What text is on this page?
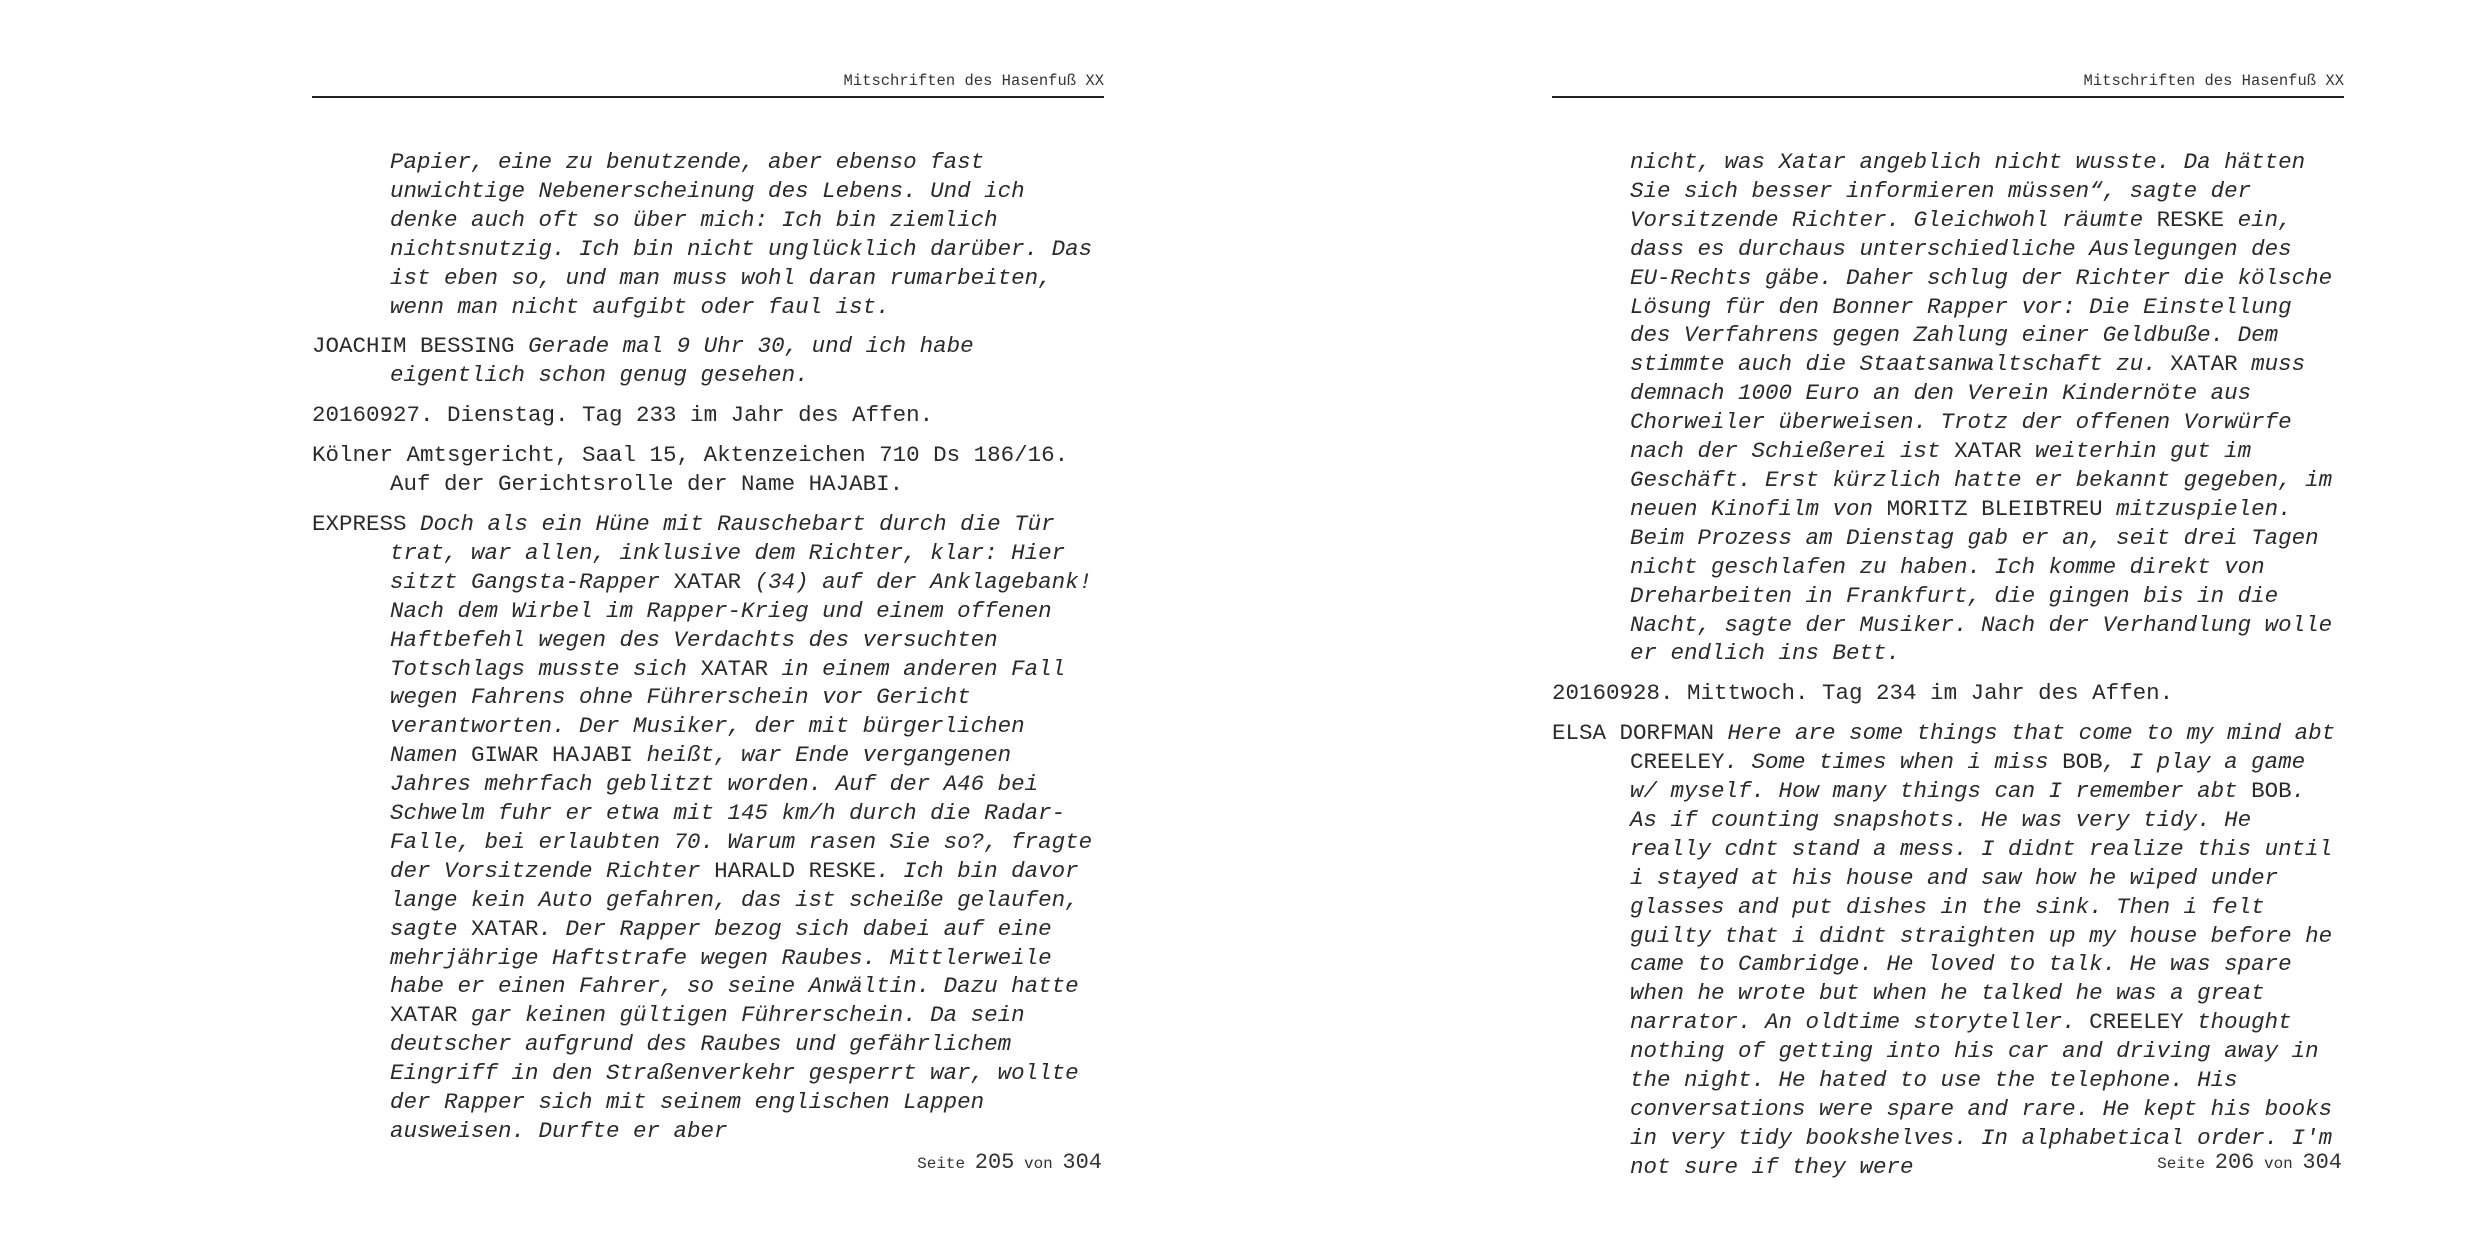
Mitschriften des Hasenfuß XX

Papier, eine zu benutzende, aber ebenso fast unwichtige Nebenerscheinung des Lebens. Und ich denke auch oft so über mich: Ich bin ziemlich nichtsnutzig. Ich bin nicht unglücklich darüber. Das ist eben so, und man muss wohl daran rumarbeiten, wenn man nicht aufgibt oder faul ist.

JOACHIM BESSING Gerade mal 9 Uhr 30, und ich habe eigentlich schon genug gesehen.

20160927. Dienstag. Tag 233 im Jahr des Affen.

Kölner Amtsgericht, Saal 15, Aktenzeichen 710 Ds 186/16. Auf der Gerichtsrolle der Name HAJABI.

EXPRESS Doch als ein Hüne mit Rauschebart durch die Tür trat, war allen, inklusive dem Richter, klar: Hier sitzt Gangsta-Rapper XATAR (34) auf der Anklagebank! Nach dem Wirbel im Rapper-Krieg und einem offenen Haftbefehl wegen des Verdachts des versuchten Totschlags musste sich XATAR in einem anderen Fall wegen Fahrens ohne Führerschein vor Gericht verantworten. Der Musiker, der mit bürgerlichen Namen GIWAR HAJABI heißt, war Ende vergangenen Jahres mehrfach geblitzt worden. Auf der A46 bei Schwelm fuhr er etwa mit 145 km/h durch die Radar-Falle, bei erlaubten 70. Warum rasen Sie so?, fragte der Vorsitzende Richter HARALD RESKE. Ich bin davor lange kein Auto gefahren, das ist scheiße gelaufen, sagte XATAR. Der Rapper bezog sich dabei auf eine mehrjährige Haftstrafe wegen Raubes. Mittlerweile habe er einen Fahrer, so seine Anwältin. Dazu hatte XATAR gar keinen gültigen Führerschein. Da sein deutscher aufgrund des Raubes und gefährlichem Eingriff in den Straßenverkehr gesperrt war, wollte der Rapper sich mit seinem englischen Lappen ausweisen. Durfte er aber

Seite 205 von 304
Mitschriften des Hasenfuß XX

nicht, was Xatar angeblich nicht wusste. Da hätten Sie sich besser informieren müssen“, sagte der Vorsitzende Richter. Gleichwohl räumte RESKE ein, dass es durchaus unterschiedliche Auslegungen des EU-Rechts gäbe. Daher schlug der Richter die kölsche Lösung für den Bonner Rapper vor: Die Einstellung des Verfahrens gegen Zahlung einer Geldbuße. Dem stimmte auch die Staatsanwaltschaft zu. XATAR muss demnach 1000 Euro an den Verein Kindernöte aus Chorweiler überweisen. Trotz der offenen Vorwürfe nach der Schießerei ist XATAR weiterhin gut im Geschäft. Erst kürzlich hatte er bekannt gegeben, im neuen Kinofilm von MORITZ BLEIBTREU mitzuspielen. Beim Prozess am Dienstag gab er an, seit drei Tagen nicht geschlafen zu haben. Ich komme direkt von Dreharbeiten in Frankfurt, die gingen bis in die Nacht, sagte der Musiker. Nach der Verhandlung wolle er endlich ins Bett.

20160928. Mittwoch. Tag 234 im Jahr des Affen.

ELSA DORFMAN Here are some things that come to my mind abt CREELEY. Some times when i miss BOB, I play a game w/ myself. How many things can I remember abt BOB. As if counting snapshots. He was very tidy. He really cdnt stand a mess. I didnt realize this until i stayed at his house and saw how he wiped under glasses and put dishes in the sink. Then i felt guilty that i didnt straighten up my house before he came to Cambridge. He loved to talk. He was spare when he wrote but when he talked he was a great narrator. An oldtime storyteller. CREELEY thought nothing of getting into his car and driving away in the night. He hated to use the telephone. His conversations were spare and rare. He kept his books in very tidy bookshelves. In alphabetical order. I'm not sure if they were	Seite 206 von 304
